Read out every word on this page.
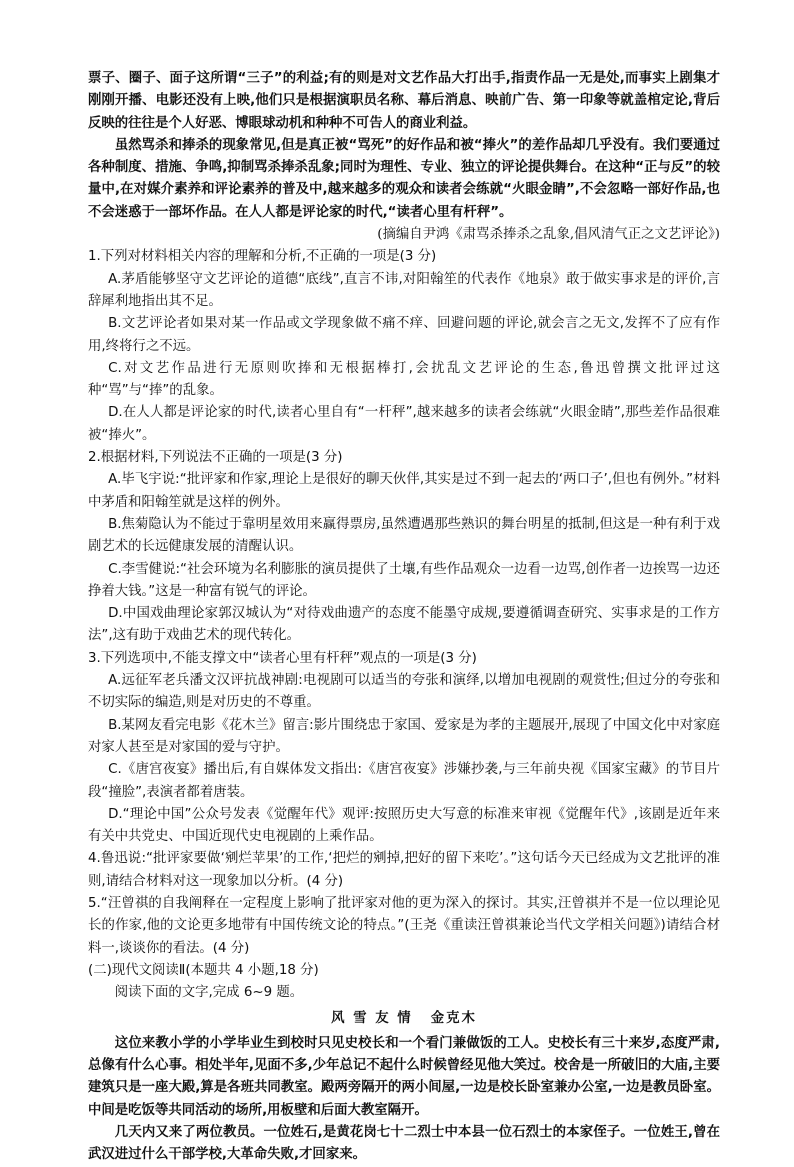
票子、圈子、面子这所谓“三子”的利益;有的则是对文艺作品大打出手,指责作品一无是处,而事实上剧集才刚刚开播、电影还没有上映,他们只是根据演职员名称、幕后消息、映前广告、第一印象等就盖棺定论,背后反映的往往是个人好恶、博眼球动机和种种不可告人的商业利益。

虽然骂杀和捧杀的现象常见,但是真正被“骂死”的好作品和被“捧火”的差作品却几乎没有。我们要通过各种制度、措施、争鸣,抑制骂杀捧杀乱象;同时为理性、专业、独立的评论提供舞台。在这种“正与反”的较量中,在对媒介素养和评论素养的普及中,越来越多的观众和读者会练就“火眼金睛”,不会忽略一部好作品,也不会迷惑于一部坏作品。在人人都是评论家的时代,“读者心里有杆秤”。

(摘编自尹鸿《肃骂杀捧杀之乱象,倡风清气正之文艺评论》)

1.下列对材料相关内容的理解和分析,不正确的一项是(3 分)

A.茅盾能够坚守文艺评论的道德“底线”,直言不讳,对阳翰笙的代表作《地泉》敢于做实事求是的评价,言辞犀利地指出其不足。

B.文艺评论者如果对某一作品或文学现象做不痛不痒、回避问题的评论,就会言之无文,发挥不了应有作用,终将行之不远。

C.对文艺作品进行无原则吹捧和无根据棒打,会扰乱文艺评论的生态,鲁迅曾撰文批评过这种“骂”与“捧”的乱象。

D.在人人都是评论家的时代,读者心里自有“一杆秤”,越来越多的读者会练就“火眼金睛”,那些差作品很难被“捧火”。

2.根据材料,下列说法不正确的一项是(3 分)

A.毕飞宇说:“批评家和作家,理论上是很好的聊天伙伴,其实是过不到一起去的‘两口子’,但也有例外。”材料中茅盾和阳翰笙就是这样的例外。

B.焦菊隐认为不能过于靠明星效用来赢得票房,虽然遭遇那些熟识的舞台明星的抵制,但这是一种有利于戏剧艺术的长远健康发展的清醒认识。

C.李雪健说:“社会环境为名利膨胀的演员提供了土壤,有些作品观众一边看一边骂,创作者一边挨骂一边还挣着大钱。”这是一种富有锐气的评论。

D.中国戏曲理论家郭汉城认为“对待戏曲遗产的态度不能墨守成规,要遵循调查研究、实事求是的工作方法”,这有助于戏曲艺术的现代转化。

3.下列选项中,不能支撑文中“读者心里有杆秤”观点的一项是(3 分)

A.远征军老兵潘文汉评抗战神剧:电视剧可以适当的夸张和演绎,以增加电视剧的观赏性;但过分的夸张和不切实际的编造,则是对历史的不尊重。

B.某网友看完电影《花木兰》留言:影片围绕忠于家国、爱家是为孝的主题展开,展现了中国文化中对家庭对家人甚至是对家国的爱与守护。

C.《唐宫夜宴》播出后,有自媒体发文指出:《唐宫夜宴》涉嫌抄袭,与三年前央视《国家宝藏》的节目片段“撞脸”,表演者都着唐装。

D.“理论中国”公众号发表《觉醒年代》观评:按照历史大写意的标准来审视《觉醒年代》,该剧是近年来有关中共党史、中国近现代史电视剧的上乘作品。

4.鲁迅说:“批评家要做‘剜烂苹果’的工作,‘把烂的剜掉,把好的留下来吃’。”这句话今天已经成为文艺批评的准则,请结合材料对这一现象加以分析。(4 分)

5.“汪曾祺的自我阐释在一定程度上影响了批评家对他的更为深入的探讨。其实,汪曾祺并不是一位以理论见长的作家,他的文论更多地带有中国传统文论的特点。”(王尧《重读汪曾祺兼论当代文学相关问题》)请结合材料一,谈谈你的看法。(4 分)

(二)现代文阅读Ⅱ(本题共 4 小题,18 分)

阅读下面的文字,完成 6~9 题。

风 雪 友 情 金克木

这位来教小学的小学毕业生到校时只见史校长和一个看门兼做饭的工人。史校长有三十来岁,态度严肃,总像有什么心事。相处半年,见面不多,少年总记不起什么时候曾经见他大笑过。校舍是一所破旧的大庙,主要建筑只是一座大殿,算是各班共同教室。殿两旁隔开的两小间屋,一边是校长卧室兼办公室,一边是教员卧室。中间是吃饭等共同活动的场所,用板壁和后面大教室隔开。

几天内又来了两位教员。一位姓石,是黄花岗七十二烈士中本县一位石烈士的本家侄子。一位姓王,曾在武汉进过什么干部学校,大革命失败,才回家来。
